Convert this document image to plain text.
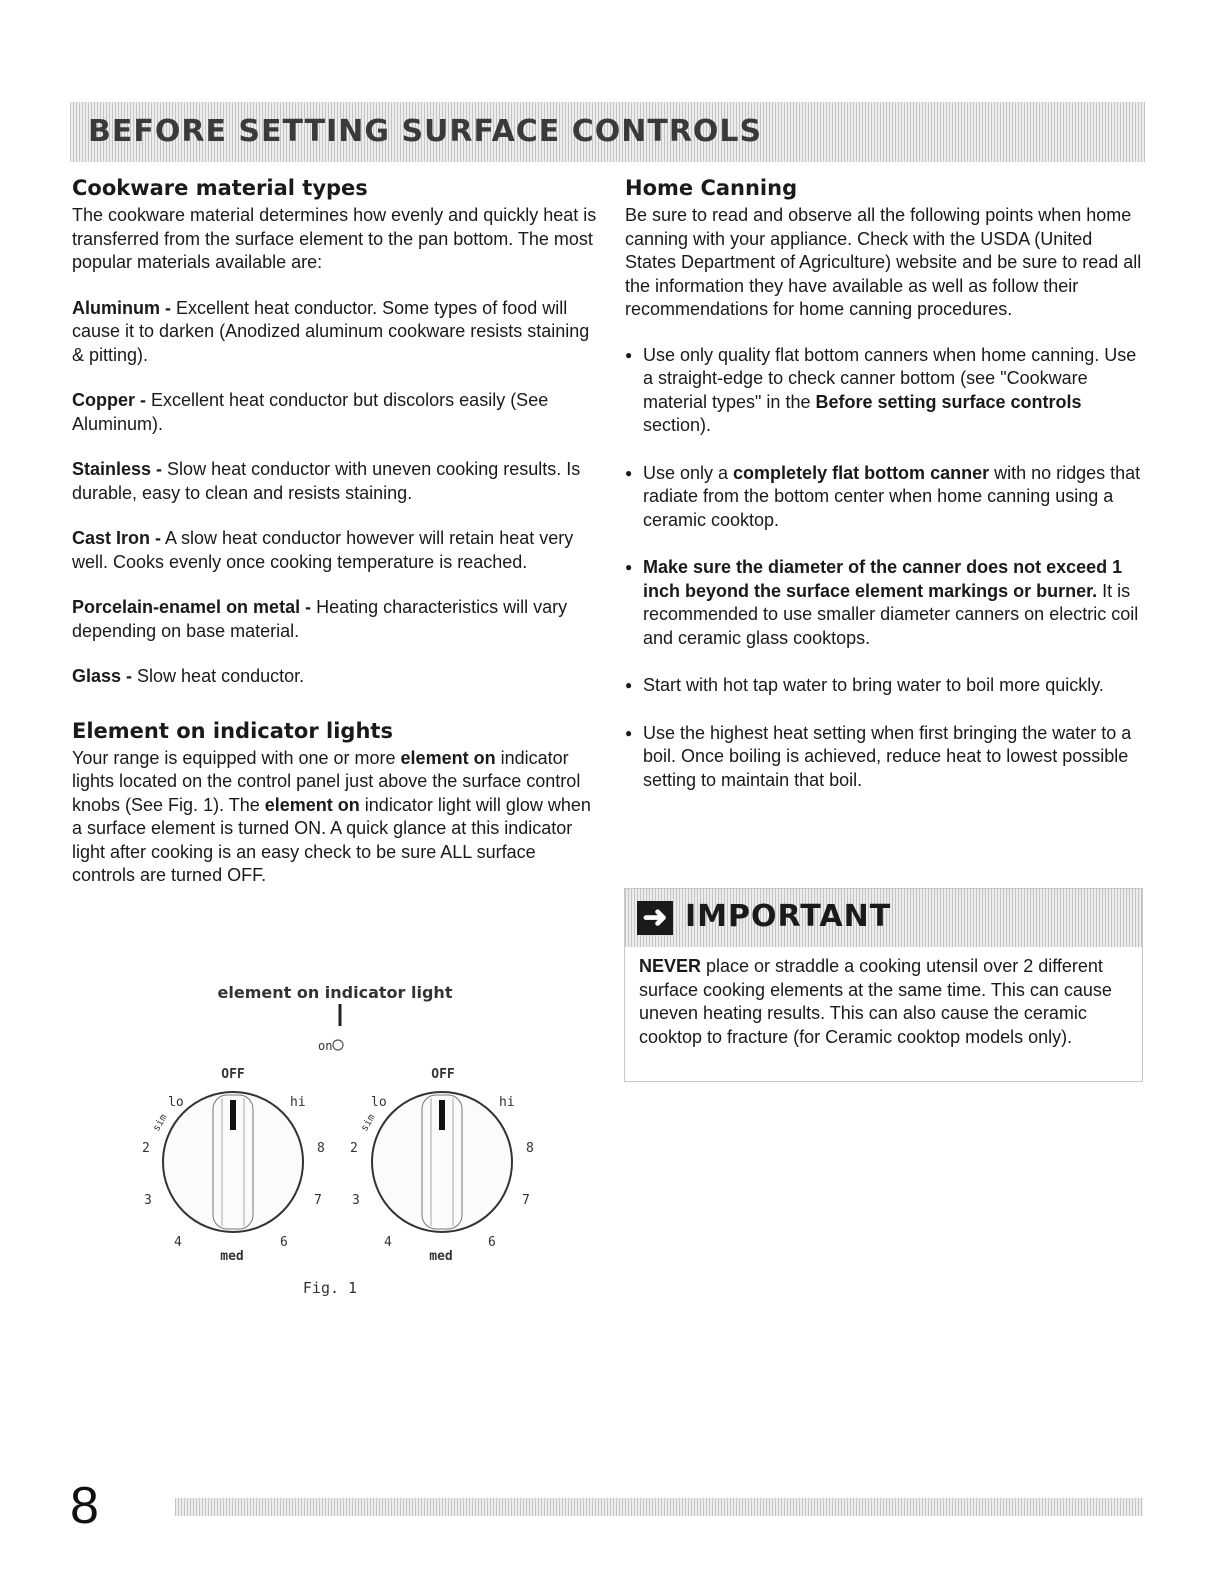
BEFORE SETTING SURFACE CONTROLS
Cookware material types

The cookware material determines how evenly and quickly heat is transferred from the surface element to the pan bottom. The most popular materials available are:

Aluminum - Excellent heat conductor. Some types of food will cause it to darken (Anodized aluminum cookware resists staining & pitting).

Copper - Excellent heat conductor but discolors easily (See Aluminum).

Stainless - Slow heat conductor with uneven cooking results. Is durable, easy to clean and resists staining.

Cast Iron - A slow heat conductor however will retain heat very well. Cooks evenly once cooking temperature is reached.

Porcelain-enamel on metal - Heating characteristics will vary depending on base material.

Glass - Slow heat conductor.

Element on indicator lights

Your range is equipped with one or more element on indicator lights located on the control panel just above the surface control knobs (See Fig. 1). The element on indicator light will glow when a surface element is turned ON. A quick glance at this indicator light after cooking is an easy check to be sure ALL surface controls are turned OFF.

element on indicator light
on
OFF
lo	hi
sim
2
3
4	6
7
8
med
OFF
lo	hi
sim
2
3
4	6
7
8
med
Fig. 1
Home Canning

Be sure to read and observe all the following points when home canning with your appliance. Check with the USDA (United States Department of Agriculture) website and be sure to read all the information they have available as well as follow their recommendations for home canning procedures.

● Use only quality flat bottom canners when home canning. Use a straight-edge to check canner bottom (see "Cookware material types" in the Before setting surface controls section).
● Use only a completely flat bottom canner with no ridges that radiate from the bottom center when home canning using a ceramic cooktop.
● Make sure the diameter of the canner does not exceed 1 inch beyond the surface element markings or burner. It is recommended to use smaller diameter canners on electric coil and ceramic glass cooktops.
● Start with hot tap water to bring water to boil more quickly.
● Use the highest heat setting when first bringing the water to a boil. Once boiling is achieved, reduce heat to lowest possible setting to maintain that boil.
➜ IMPORTANT
NEVER place or straddle a cooking utensil over 2 different surface cooking elements at the same time. This can cause uneven heating results. This can also cause the ceramic cooktop to fracture (for Ceramic cooktop models only).
8
